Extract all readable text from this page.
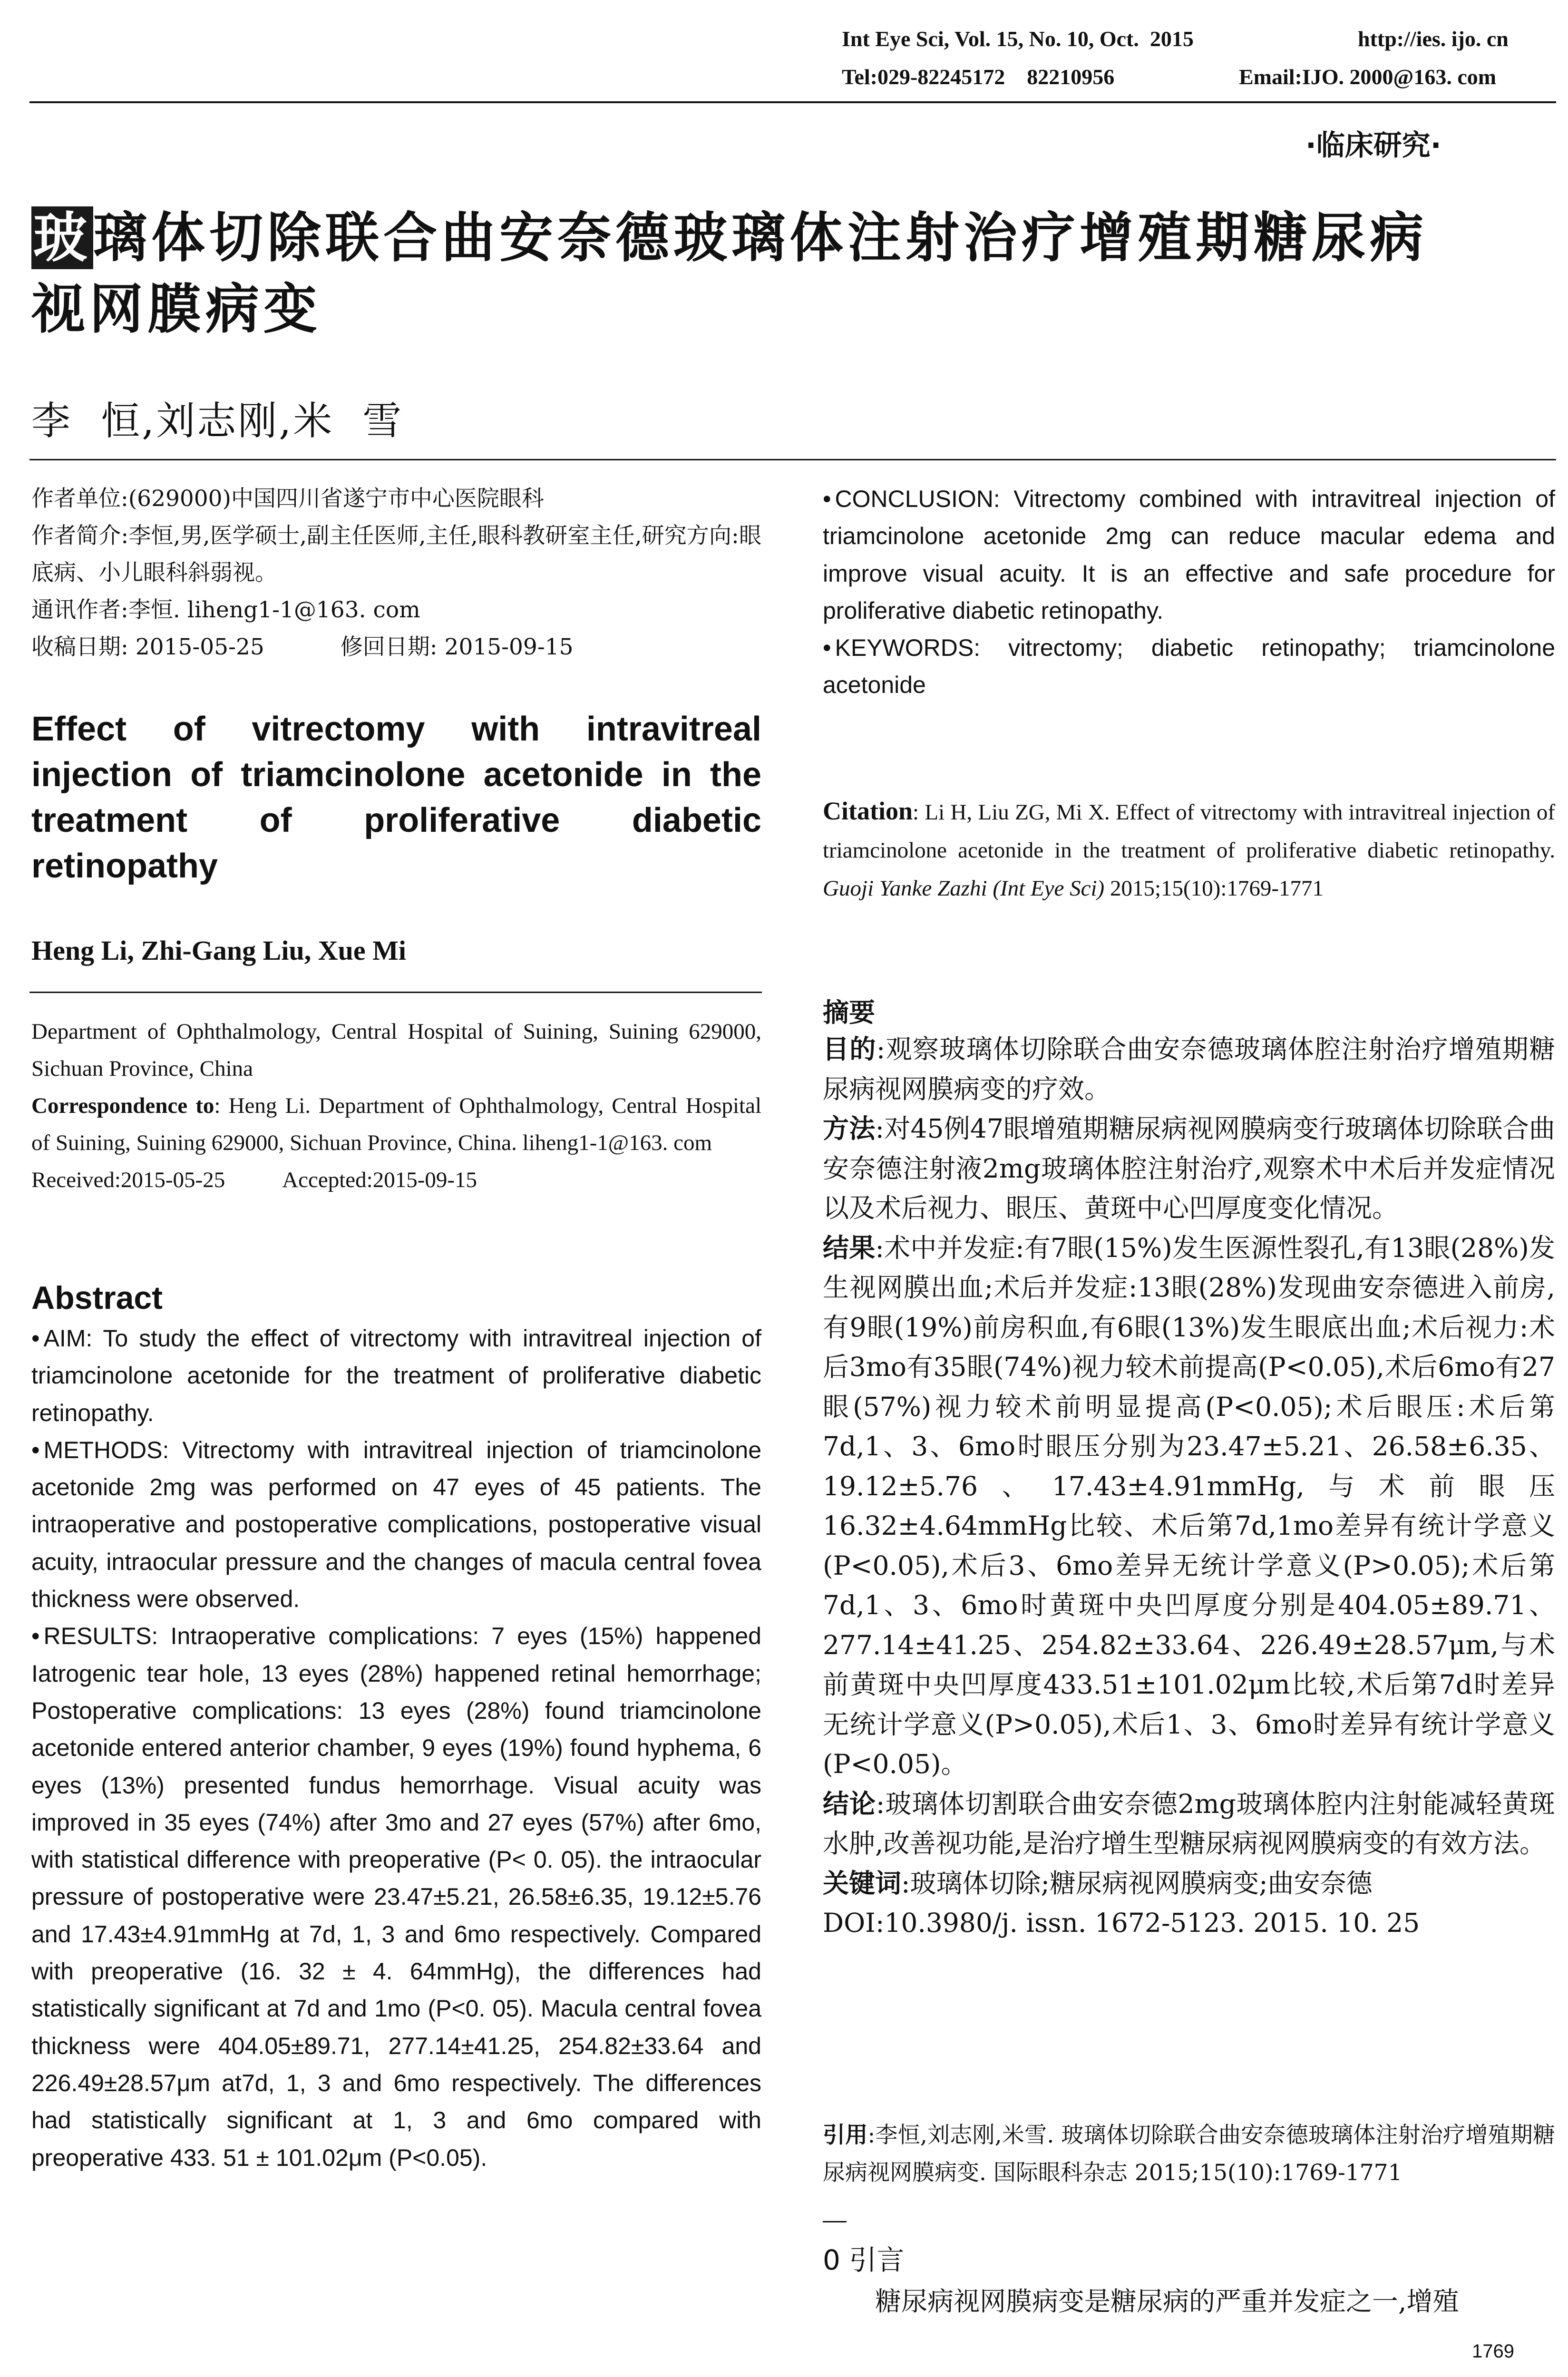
Int Eye Sci, Vol. 15, No. 10, Oct.  2015	http://ies. ijo. cn
Tel:029-82245172    82210956	Email:IJO. 2000@163. com
·临床研究·
玻璃体切除联合曲安奈德玻璃体注射治疗增殖期糖尿病
视网膜病变
李  恒,刘志刚,米  雪

作者单位:(629000)中国四川省遂宁市中心医院眼科

作者简介:李恒,男,医学硕士,副主任医师,主任,眼科教研室主任,研究方向:眼底病、小儿眼科斜弱视。

通讯作者:李恒. liheng1-1@163. com

收稿日期: 2015-05-25	修回日期: 2015-09-15

Effect of vitrectomy with intravitreal injection of triamcinolone acetonide in the treatment of proliferative diabetic retinopathy
Heng Li, Zhi-Gang Liu, Xue Mi

Department of Ophthalmology, Central Hospital of Suining, Suining 629000, Sichuan Province, China

Correspondence to: Heng Li. Department of Ophthalmology, Central Hospital of Suining, Suining 629000, Sichuan Province, China. liheng1-1@163. com

Received:2015-05-25	Accepted:2015-09-15

Abstract

• AIM: To study the effect of vitrectomy with intravitreal injection of triamcinolone acetonide for the treatment of proliferative diabetic retinopathy.

• METHODS: Vitrectomy with intravitreal injection of triamcinolone acetonide 2mg was performed on 47 eyes of 45 patients. The intraoperative and postoperative complications, postoperative visual acuity, intraocular pressure and the changes of macula central fovea thickness were observed.

• RESULTS: Intraoperative complications: 7 eyes (15%) happened Iatrogenic tear hole, 13 eyes (28%) happened retinal hemorrhage; Postoperative complications: 13 eyes (28%) found triamcinolone acetonide entered anterior chamber, 9 eyes (19%) found hyphema, 6 eyes (13%) presented fundus hemorrhage. Visual acuity was improved in 35 eyes (74%) after 3mo and 27 eyes (57%) after 6mo, with statistical difference with preoperative (P< 0. 05). the intraocular pressure of postoperative were 23.47±5.21, 26.58±6.35, 19.12±5.76 and 17.43±4.91mmHg at 7d, 1, 3 and 6mo respectively. Compared with preoperative (16. 32 ± 4. 64mmHg), the differences had statistically significant at 7d and 1mo (P<0. 05). Macula central fovea thickness were 404.05±89.71, 277.14±41.25, 254.82±33.64 and 226.49±28.57μm at7d, 1, 3 and 6mo respectively. The differences had statistically significant at 1, 3 and 6mo compared with preoperative 433. 51 ± 101.02μm (P<0.05).

• CONCLUSION: Vitrectomy combined with intravitreal injection of triamcinolone acetonide 2mg can reduce macular edema and improve visual acuity. It is an effective and safe procedure for proliferative diabetic retinopathy.

• KEYWORDS: vitrectomy; diabetic retinopathy; triamcinolone acetonide

Citation: Li H, Liu ZG, Mi X. Effect of vitrectomy with intravitreal injection of triamcinolone acetonide in the treatment of proliferative diabetic retinopathy. Guoji Yanke Zazhi (Int Eye Sci) 2015;15(10):1769-1771
摘要

目的:观察玻璃体切除联合曲安奈德玻璃体腔注射治疗增殖期糖尿病视网膜病变的疗效。

方法:对45例47眼增殖期糖尿病视网膜病变行玻璃体切除联合曲安奈德注射液2mg玻璃体腔注射治疗,观察术中术后并发症情况以及术后视力、眼压、黄斑中心凹厚度变化情况。

结果:术中并发症:有7眼(15%)发生医源性裂孔,有13眼(28%)发生视网膜出血;术后并发症:13眼(28%)发现曲安奈德进入前房,有9眼(19%)前房积血,有6眼(13%)发生眼底出血;术后视力:术后3mo有35眼(74%)视力较术前提高(P<0.05),术后6mo有27眼(57%)视力较术前明显提高(P<0.05);术后眼压:术后第7d,1、3、6mo时眼压分别为23.47±5.21、26.58±6.35、19.12±5.76、17.43±4.91mmHg,与术前眼压16.32±4.64mmHg比较、术后第7d,1mo差异有统计学意义(P<0.05),术后3、6mo差异无统计学意义(P>0.05);术后第7d,1、3、6mo时黄斑中央凹厚度分别是404.05±89.71、277.14±41.25、254.82±33.64、226.49±28.57μm,与术前黄斑中央凹厚度433.51±101.02μm比较,术后第7d时差异无统计学意义(P>0.05),术后1、3、6mo时差异有统计学意义(P<0.05)。

结论:玻璃体切割联合曲安奈德2mg玻璃体腔内注射能减轻黄斑水肿,改善视功能,是治疗增生型糖尿病视网膜病变的有效方法。

关键词:玻璃体切除;糖尿病视网膜病变;曲安奈德

DOI:10.3980/j. issn. 1672-5123. 2015. 10. 25

引用:李恒,刘志刚,米雪. 玻璃体切除联合曲安奈德玻璃体注射治疗增殖期糖尿病视网膜病变. 国际眼科杂志 2015;15(10):1769-1771
0 引言
糖尿病视网膜病变是糖尿病的严重并发症之一,增殖
1769
